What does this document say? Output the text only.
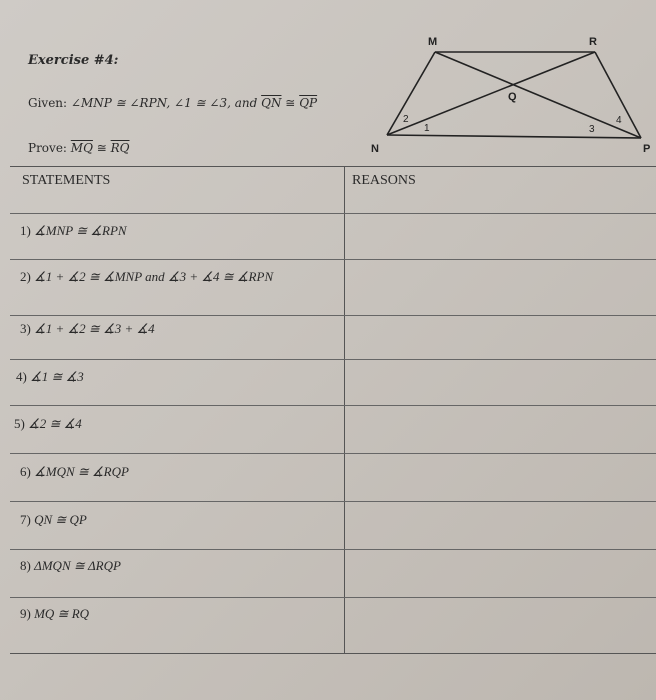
Exercise #4:
Given: ∠MNP ≅ ∠RPN, ∠1 ≅ ∠3, and $\overline{QN}$ ≅ $\overline{QP}$
Prove: $\overline{MQ}$ ≅ $\overline{RQ}$
M	R
Q
N	P
2
1	3
4
STATEMENTS	REASONS
1) ∡MNP ≅ ∡RPN
2) ∡1 + ∡2 ≅ ∡MNP and ∡3 + ∡4 ≅ ∡RPN
3) ∡1 + ∡2 ≅ ∡3 + ∡4
4) ∡1 ≅ ∡3
5) ∡2 ≅ ∡4
6) ∡MQN ≅ ∡RQP
7) QN ≅ QP
8) ΔMQN ≅ ΔRQP
9) MQ ≅ RQ
